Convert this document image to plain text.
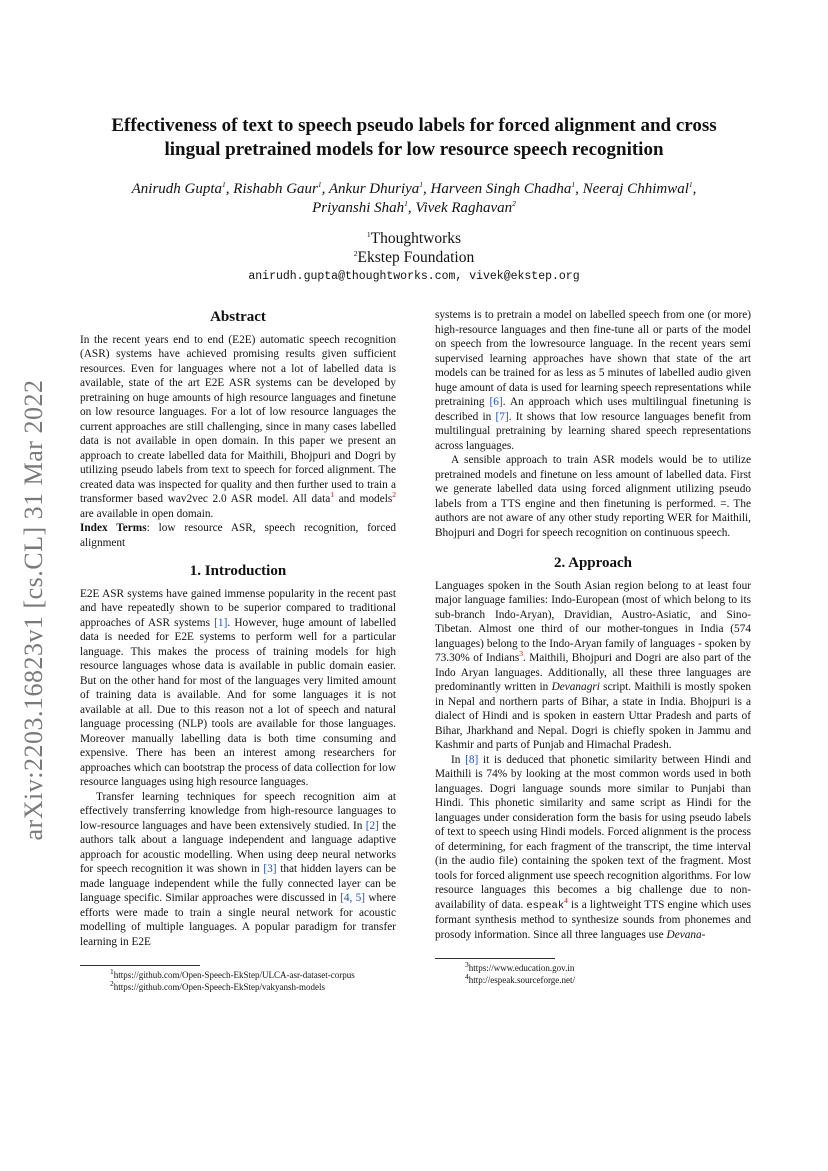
arXiv:2203.16823v1 [cs.CL] 31 Mar 2022
Effectiveness of text to speech pseudo labels for forced alignment and cross
lingual pretrained models for low resource speech recognition
Anirudh Gupta$^1$, Rishabh Gaur$^1$, Ankur Dhuriya$^1$, Harveen Singh Chadha$^1$, Neeraj Chhimwal$^1$,
Priyanshi Shah$^1$, Vivek Raghavan$^2$
$^1$Thoughtworks
$^2$Ekstep Foundation
anirudh.gupta@thoughtworks.com, vivek@ekstep.org
Abstract

In the recent years end to end (E2E) automatic speech recognition (ASR) systems have achieved promising results given sufficient resources. Even for languages where not a lot of labelled data is available, state of the art E2E ASR systems can be developed by pretraining on huge amounts of high resource languages and finetune on low resource languages. For a lot of low resource languages the current approaches are still challenging, since in many cases labelled data is not available in open domain. In this paper we present an approach to create labelled data for Maithili, Bhojpuri and Dogri by utilizing pseudo labels from text to speech for forced alignment. The created data was inspected for quality and then further used to train a transformer based wav2vec 2.0 ASR model. All data$^1$ and models$^2$ are available in open domain.

Index Terms: low resource ASR, speech recognition, forced alignment

1. Introduction

E2E ASR systems have gained immense popularity in the recent past and have repeatedly shown to be superior compared to traditional approaches of ASR systems [1]. However, huge amount of labelled data is needed for E2E systems to perform well for a particular language. This makes the process of training models for high resource languages whose data is available in public domain easier. But on the other hand for most of the languages very limited amount of training data is available. And for some languages it is not available at all. Due to this reason not a lot of speech and natural language processing (NLP) tools are available for those languages. Moreover manually labelling data is both time consuming and expensive. There has been an interest among researchers for approaches which can bootstrap the process of data collection for low resource languages using high resource languages.

Transfer learning techniques for speech recognition aim at effectively transferring knowledge from high-resource languages to low-resource languages and have been extensively studied. In [2] the authors talk about a language independent and language adaptive approach for acoustic modelling. When using deep neural networks for speech recognition it was shown in [3] that hidden layers can be made language independent while the fully connected layer can be language specific. Similar approaches were discussed in [4, 5] where efforts were made to train a single neural network for acoustic modelling of multiple languages. A popular paradigm for transfer learning in E2E

$^1$https://github.com/Open-Speech-EkStep/ULCA-asr-dataset-corpus

$^2$https://github.com/Open-Speech-EkStep/vakyansh-models

systems is to pretrain a model on labelled speech from one (or more) high-resource languages and then fine-tune all or parts of the model on speech from the lowresource language. In the recent years semi supervised learning approaches have shown that state of the art models can be trained for as less as 5 minutes of labelled audio given huge amount of data is used for learning speech representations while pretraining [6]. An approach which uses multilingual finetuning is described in [7]. It shows that low resource languages benefit from multilingual pretraining by learning shared speech representations across languages.

A sensible approach to train ASR models would be to utilize pretrained models and finetune on less amount of labelled data. First we generate labelled data using forced alignment utilizing pseudo labels from a TTS engine and then finetuning is performed. =. The authors are not aware of any other study reporting WER for Maithili, Bhojpuri and Dogri for speech recognition on continuous speech.

2. Approach

Languages spoken in the South Asian region belong to at least four major language families: Indo-European (most of which belong to its sub-branch Indo-Aryan), Dravidian, Austro-Asiatic, and Sino-Tibetan. Almost one third of our mother-tongues in India (574 languages) belong to the Indo-Aryan family of languages - spoken by 73.30% of Indians$^3$. Maithili, Bhojpuri and Dogri are also part of the Indo Aryan languages. Additionally, all these three languages are predominantly written in Devanagri script. Maithili is mostly spoken in Nepal and northern parts of Bihar, a state in India. Bhojpuri is a dialect of Hindi and is spoken in eastern Uttar Pradesh and parts of Bihar, Jharkhand and Nepal. Dogri is chiefly spoken in Jammu and Kashmir and parts of Punjab and Himachal Pradesh.

In [8] it is deduced that phonetic similarity between Hindi and Maithili is 74% by looking at the most common words used in both languages. Dogri language sounds more similar to Punjabi than Hindi. This phonetic similarity and same script as Hindi for the languages under consideration form the basis for using pseudo labels of text to speech using Hindi models. Forced alignment is the process of determining, for each fragment of the transcript, the time interval (in the audio file) containing the spoken text of the fragment. Most tools for forced alignment use speech recognition algorithms. For low resource languages this becomes a big challenge due to non-availability of data. espeak$^4$ is a lightweight TTS engine which uses formant synthesis method to synthesize sounds from phonemes and prosody information. Since all three languages use Devana-

$^3$https://www.education.gov.in

$^4$http://espeak.sourceforge.net/
